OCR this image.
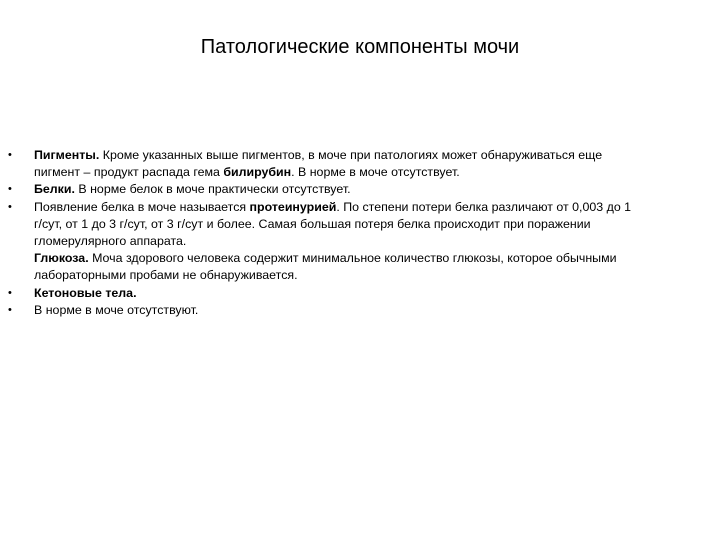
Патологические компоненты мочи
• Пигменты. Кроме указанных выше пигментов, в моче при патологиях может обнаруживаться еще
пигмент – продукт распада гема билирубин. В норме в моче отсутствует.
• Белки. В норме белок в моче практически отсутствует.
• Появление белка в моче называется протеинурией. По степени потери белка различают от 0,003 до 1
г/сут, от 1 до 3 г/сут, от 3 г/сут и более. Самая большая потеря белка происходит при поражении
гломерулярного аппарата.
Глюкоза. Моча здорового человека содержит минимальное количество глюкозы, которое обычными
лабораторными пробами не обнаруживается.
• Кетоновые тела.
• В норме в моче отсутствуют.
